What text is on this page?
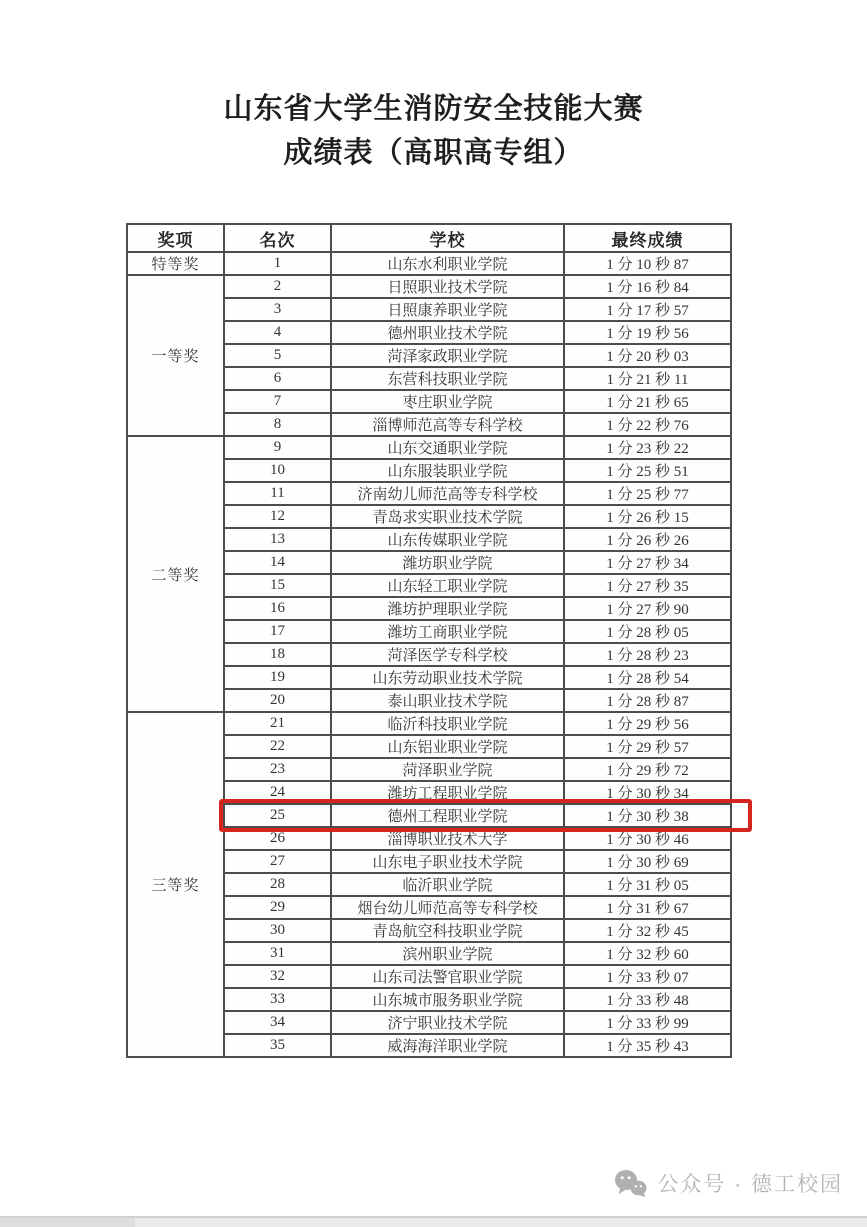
山东省大学生消防安全技能大赛
成绩表（高职高专组）
奖项	名次	学校	最终成绩
特等奖	1	山东水利职业学院	1 分 10 秒 87
一等奖	2	日照职业技术学院	1 分 16 秒 84
	3	日照康养职业学院	1 分 17 秒 57
	4	德州职业技术学院	1 分 19 秒 56
	5	菏泽家政职业学院	1 分 20 秒 03
	6	东营科技职业学院	1 分 21 秒 11
	7	枣庄职业学院	1 分 21 秒 65
	8	淄博师范高等专科学校	1 分 22 秒 76
二等奖	9	山东交通职业学院	1 分 23 秒 22
	10	山东服装职业学院	1 分 25 秒 51
	11	济南幼儿师范高等专科学校	1 分 25 秒 77
	12	青岛求实职业技术学院	1 分 26 秒 15
	13	山东传媒职业学院	1 分 26 秒 26
	14	潍坊职业学院	1 分 27 秒 34
	15	山东轻工职业学院	1 分 27 秒 35
	16	潍坊护理职业学院	1 分 27 秒 90
	17	潍坊工商职业学院	1 分 28 秒 05
	18	菏泽医学专科学校	1 分 28 秒 23
	19	山东劳动职业技术学院	1 分 28 秒 54
	20	泰山职业技术学院	1 分 28 秒 87
三等奖	21	临沂科技职业学院	1 分 29 秒 56
	22	山东铝业职业学院	1 分 29 秒 57
	23	菏泽职业学院	1 分 29 秒 72
	24	潍坊工程职业学院	1 分 30 秒 34
	25	德州工程职业学院	1 分 30 秒 38
	26	淄博职业技术大学	1 分 30 秒 46
	27	山东电子职业技术学院	1 分 30 秒 69
	28	临沂职业学院	1 分 31 秒 05
	29	烟台幼儿师范高等专科学校	1 分 31 秒 67
	30	青岛航空科技职业学院	1 分 32 秒 45
	31	滨州职业学院	1 分 32 秒 60
	32	山东司法警官职业学院	1 分 33 秒 07
	33	山东城市服务职业学院	1 分 33 秒 48
	34	济宁职业技术学院	1 分 33 秒 99
	35	威海海洋职业学院	1 分 35 秒 43
公众号 · 德工校园
